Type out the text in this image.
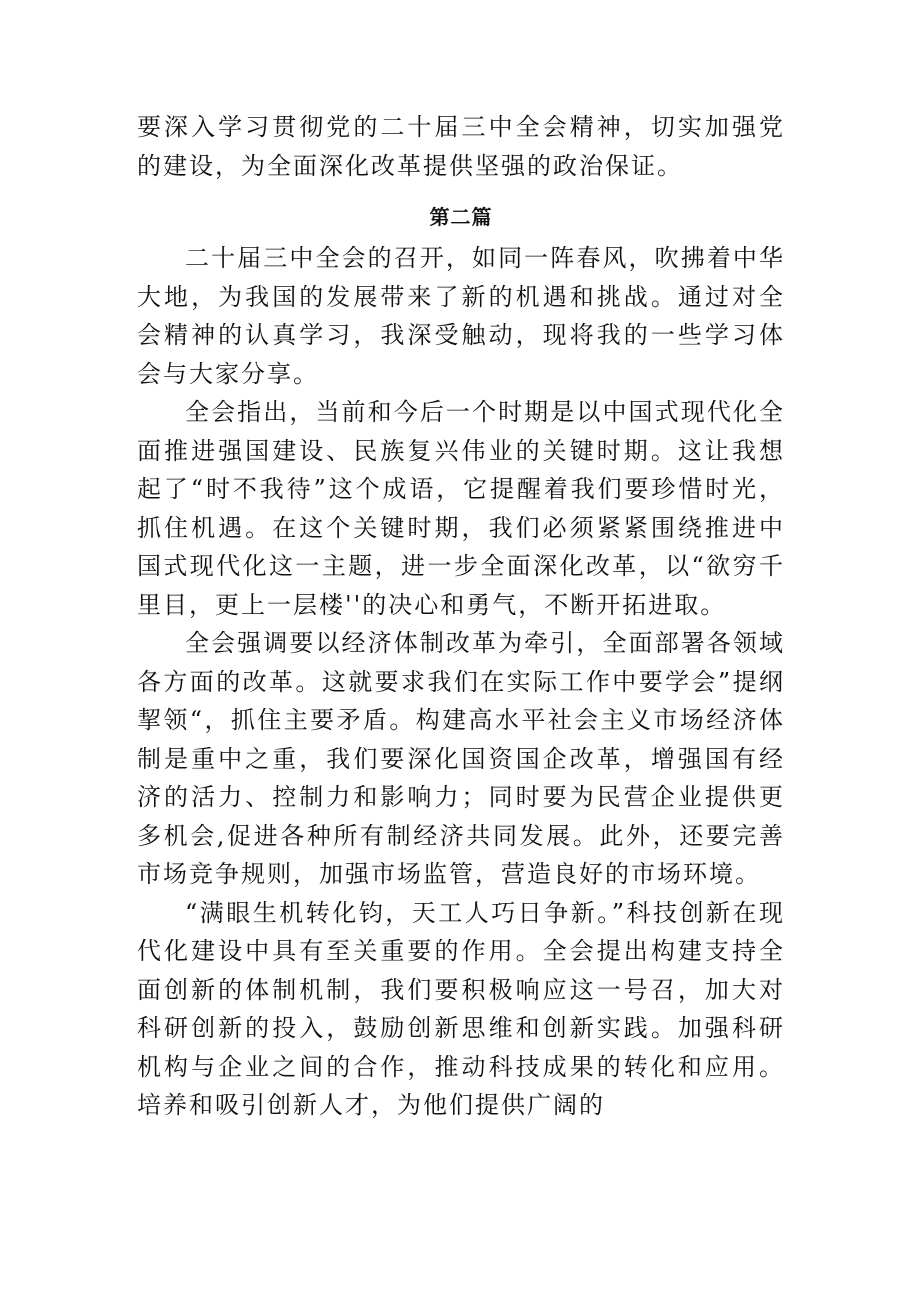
要深入学习贯彻党的二十届三中全会精神，切实加强党的建设，为全面深化改革提供坚强的政治保证。

第二篇

二十届三中全会的召开，如同一阵春风，吹拂着中华大地，为我国的发展带来了新的机遇和挑战。通过对全会精神的认真学习，我深受触动，现将我的一些学习体会与大家分享。

全会指出，当前和今后一个时期是以中国式现代化全面推进强国建设、民族复兴伟业的关键时期。这让我想起了“时不我待”这个成语，它提醒着我们要珍惜时光，抓住机遇。在这个关键时期，我们必须紧紧围绕推进中国式现代化这一主题，进一步全面深化改革，以“欲穷千里目，更上一层楼''的决心和勇气，不断开拓进取。

全会强调要以经济体制改革为牵引，全面部署各领域各方面的改革。这就要求我们在实际工作中要学会”提纲挈领“，抓住主要矛盾。构建高水平社会主义市场经济体制是重中之重，我们要深化国资国企改革，增强国有经济的活力、控制力和影响力；同时要为民营企业提供更多机会,促进各种所有制经济共同发展。此外，还要完善市场竞争规则，加强市场监管，营造良好的市场环境。

“满眼生机转化钧，天工人巧日争新。”科技创新在现代化建设中具有至关重要的作用。全会提出构建支持全面创新的体制机制，我们要积极响应这一号召，加大对科研创新的投入，鼓励创新思维和创新实践。加强科研机构与企业之间的合作，推动科技成果的转化和应用。培养和吸引创新人才，为他们提供广阔的
